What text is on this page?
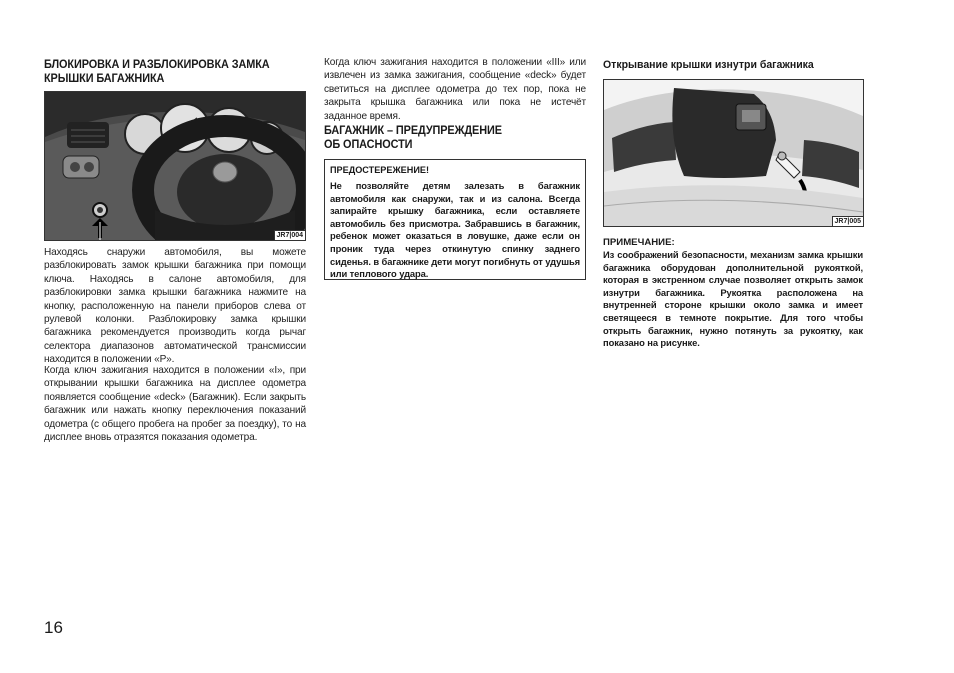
БЛОКИРОВКА И РАЗБЛОКИРОВКА ЗАМКА
КРЫШКИ БАГАЖНИКА
JR7|004
Находясь снаружи автомобиля, вы можете разблокировать замок крышки багажника при помощи ключа. Находясь в салоне автомобиля, для разблокировки замка крышки багажника нажмите на кнопку, расположенную на панели приборов слева от рулевой колонки. Разблокировку замка крышки багажника рекомендуется производить когда рычаг селектора диапазонов автоматической трансмиссии находится в положении «P».
Когда ключ зажигания находится в положении «I», при открывании крышки багажника на дисплее одометра появляется сообщение «deck» (Багажник). Если закрыть багажник или нажать кнопку переключения показаний одометра (с общего пробега на пробег за поездку), то на дисплее вновь отразятся показания одометра.
Когда ключ зажигания находится в положении «III» или извлечен из замка зажигания, сообщение «deck» будет светиться на дисплее одометра до тех пор, пока не закрыта крышка багажника или пока не истечёт заданное время.
БАГАЖНИК – ПРЕДУПРЕЖДЕНИЕ
ОБ ОПАСНОСТИ
ПРЕДОСТЕРЕЖЕНИЕ!
Не позволяйте детям залезать в багажник автомобиля как снаружи, так и из салона. Всегда запирайте крышку багажника, если оставляете автомобиль без присмотра. Забравшись в багажник, ребенок может оказаться в ловушке, даже если он проник туда через откинутую спинку заднего сиденья. в багажнике дети могут погибнуть от удушья или теплового удара.
Открывание крышки изнутри багажника
JR7|005
ПРИМЕЧАНИЕ:
Из соображений безопасности, механизм замка крышки багажника оборудован дополнительной рукояткой, которая в экстренном случае позволяет открыть замок изнутри багажника. Рукоятка расположена на внутренней стороне крышки около замка и имеет светящееся в темноте покрытие. Для того чтобы открыть багажник, нужно потянуть за рукоятку, как показано на рисунке.
16
